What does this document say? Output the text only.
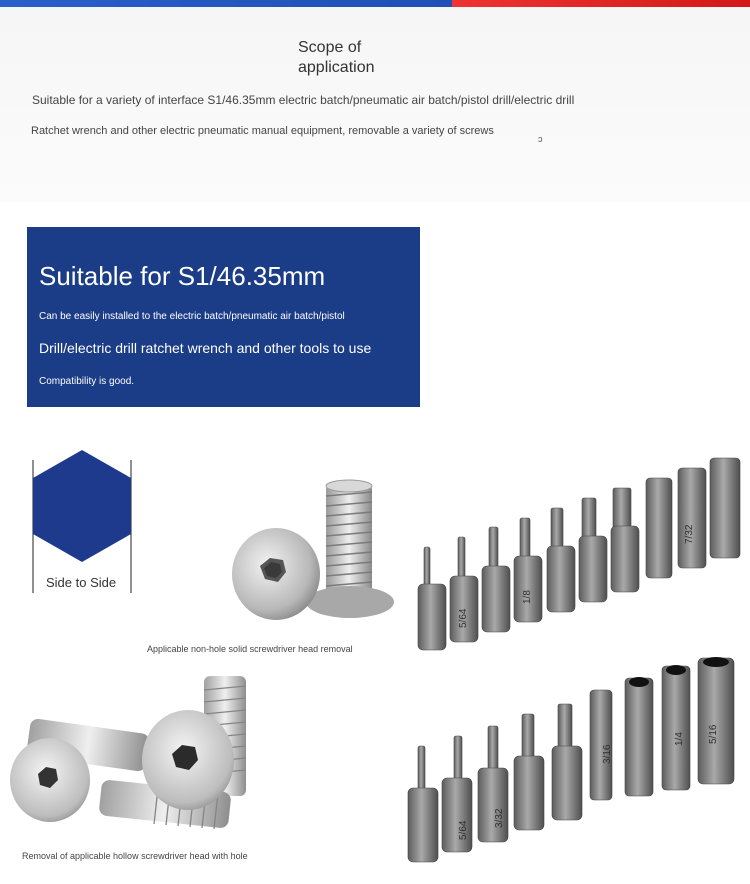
Scope of application
Suitable for a variety of interface S1/46.35mm electric batch/pneumatic air batch/pistol drill/electric drill
Ratchet wrench and other electric pneumatic manual equipment, removable a variety of screws
ɔ
Suitable for S1/46.35mm
Can be easily installed to the electric batch/pneumatic air batch/pistol
Drill/electric drill ratchet wrench and other tools to use
Compatibility is good.
Side to Side
Applicable non-hole solid screwdriver head removal
5/64
1/8
7/32
Removal of applicable hollow screwdriver head with hole
5/64
3/32
3/16
1/4 5/16
